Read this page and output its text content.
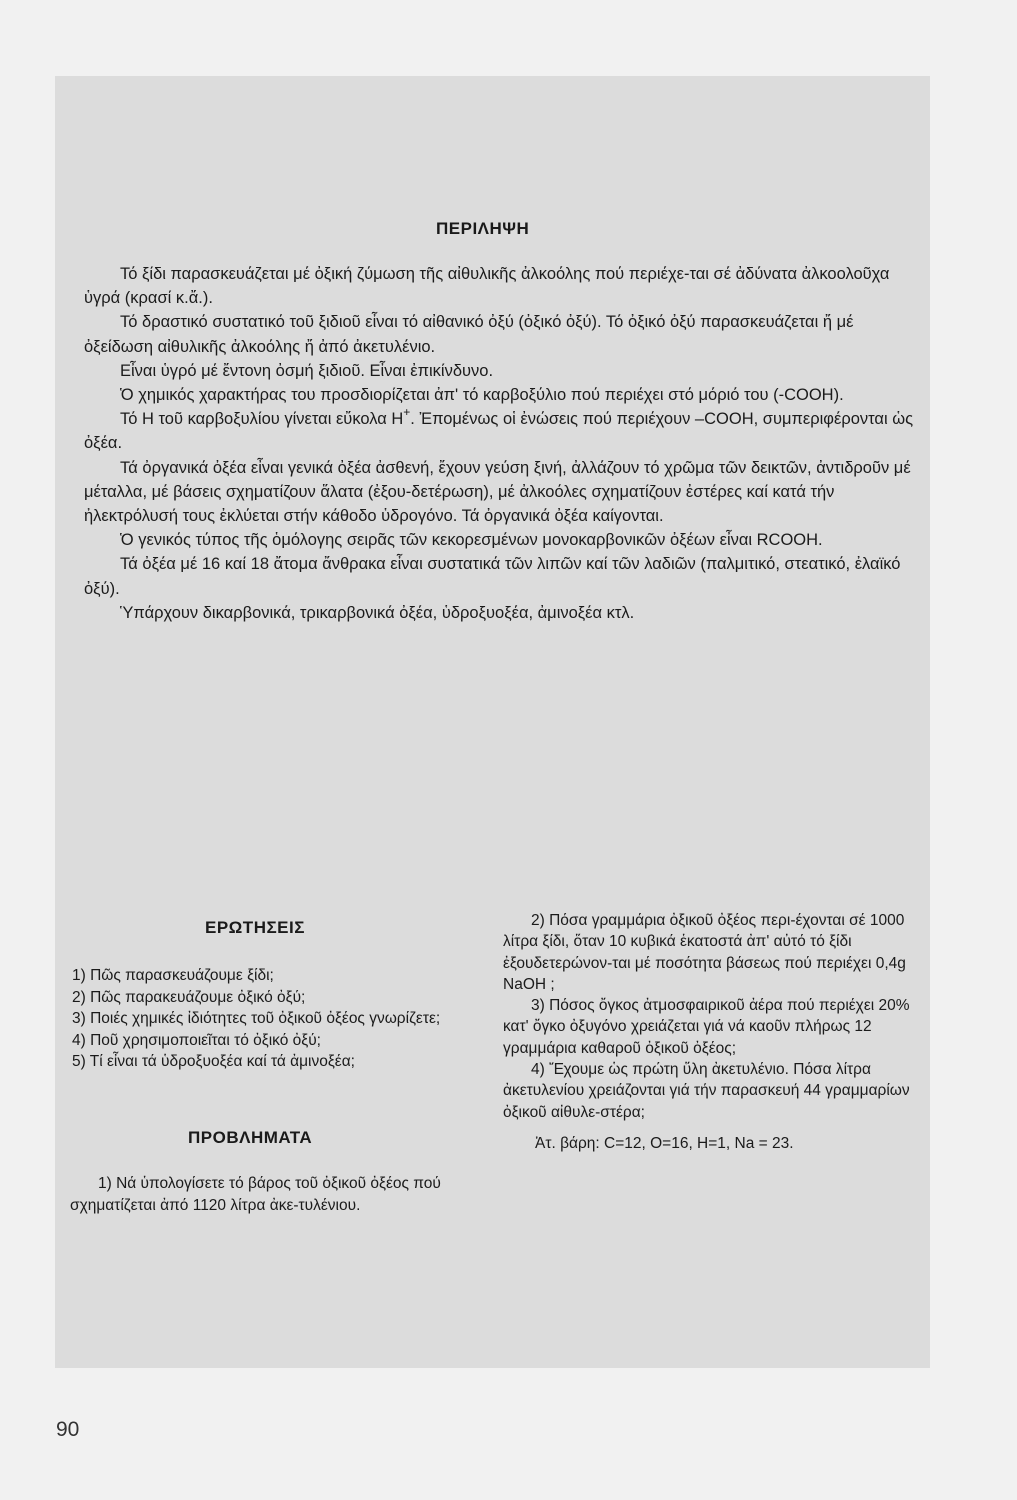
ΠΕΡΙΛΗΨΗ

Τό ξίδι παρασκευάζεται μέ ὀξική ζύμωση τῆς αἰθυλικῆς ἀλκοόλης πού περιέχε-ται σέ ἀδύνατα ἀλκοολοῦχα ὑγρά (κρασί κ.ἄ.).

Τό δραστικό συστατικό τοῦ ξιδιοῦ εἶναι τό αἰθανικό ὀξύ (ὀξικό ὀξύ). Τό ὀξικό ὀξύ παρασκευάζεται ἤ μέ ὀξείδωση αἰθυλικῆς ἀλκοόλης ἤ ἀπό ἀκετυλένιο.

Εἶναι ὑγρό μέ ἔντονη ὀσμή ξιδιοῦ. Εἶναι ἐπικίνδυνο.

Ὁ χημικός χαρακτήρας του προσδιορίζεται ἀπ' τό καρβοξύλιο πού περιέχει στό μόριό του (-COOH).

Τό Η τοῦ καρβοξυλίου γίνεται εὔκολα Η+. Ἐπομένως οἱ ἐνώσεις πού περιέχουν –COOH, συμπεριφέρονται ὡς ὀξέα.

Τά ὀργανικά ὀξέα εἶναι γενικά ὀξέα ἀσθενή, ἔχουν γεύση ξινή, ἀλλάζουν τό χρῶμα τῶν δεικτῶν, ἀντιδροῦν μέ μέταλλα, μέ βάσεις σχηματίζουν ἅλατα (ἐξου-δετέρωση), μέ ἀλκοόλες σχηματίζουν ἐστέρες καί κατά τήν ἠλεκτρόλυσή τους ἐκλύεται στήν κάθοδο ὑδρογόνο. Τά ὀργανικά ὀξέα καίγονται.

Ὁ γενικός τύπος τῆς ὁμόλογης σειρᾶς τῶν κεκορεσμένων μονοκαρβονικῶν ὀξέων εἶναι RCOOH.

Τά ὀξέα μέ 16 καί 18 ἄτομα ἄνθρακα εἶναι συστατικά τῶν λιπῶν καί τῶν λαδιῶν (παλμιτικό, στεατικό, ἐλαϊκό ὀξύ).

Ὑπάρχουν δικαρβονικά, τρικαρβονικά ὀξέα, ὑδροξυοξέα, ἀμινοξέα κτλ.

ΕΡΩΤΗΣΕΙΣ

1) Πῶς παρασκευάζουμε ξίδι;

2) Πῶς παρακευάζουμε ὀξικό ὀξύ;

3) Ποιές χημικές ἰδιότητες τοῦ ὀξικοῦ ὀξέος γνωρίζετε;

4) Ποῦ χρησιμοποιεῖται τό ὀξικό ὀξύ;

5) Τί εἶναι τά ὑδροξυοξέα καί τά ἀμινοξέα;

ΠΡΟΒΛΗΜΑΤΑ

1) Νά ὑπολογίσετε τό βάρος τοῦ ὀξικοῦ ὀξέος πού σχηματίζεται ἀπό 1120 λίτρα ἀκε-τυλένιου.

2) Πόσα γραμμάρια ὀξικοῦ ὀξέος περι-έχονται σέ 1000 λίτρα ξίδι, ὅταν 10 κυβικά ἑκατοστά ἀπ' αὐτό τό ξίδι ἐξουδετερώνον-ται μέ ποσότητα βάσεως πού περιέχει 0,4g NaOH ;

3) Πόσος ὄγκος ἀτμοσφαιρικοῦ ἀέρα πού περιέχει 20% κατ' ὄγκο ὀξυγόνο χρειάζεται γιά νά καοῦν πλήρως 12 γραμμάρια καθαροῦ ὀξικοῦ ὀξέος;

4) Ἔχουμε ὡς πρώτη ὕλη ἀκετυλένιο. Πόσα λίτρα ἀκετυλενίου χρειάζονται γιά τήν παρασκευή 44 γραμμαρίων ὀξικοῦ αἰθυλε-στέρα;

Ἀτ. βάρη: C=12, O=16, H=1, Na = 23.

90
